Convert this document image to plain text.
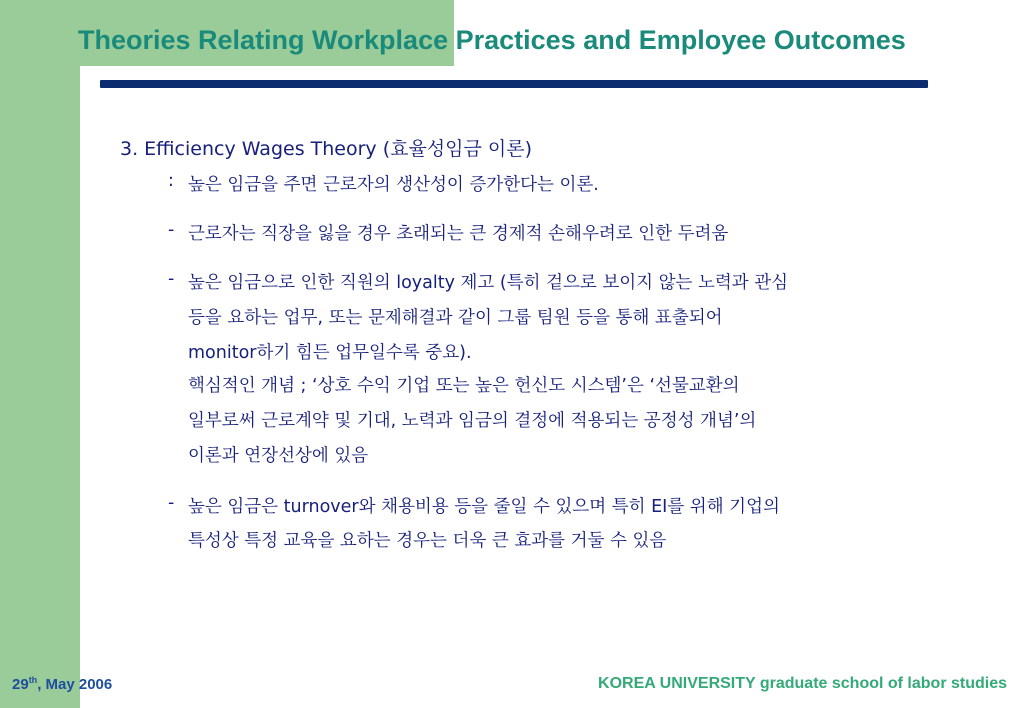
Theories Relating Workplace Practices and Employee Outcomes
3. Efficiency Wages Theory (효율성임금 이론)
: 높은 임금을 주면 근로자의 생산성이 증가한다는 이론.
- 근로자는 직장을 잃을 경우 초래되는 큰 경제적 손해우려로 인한 두려움
- 높은 임금으로 인한 직원의 loyalty 제고 (특히 겉으로 보이지 않는 노력과 관심
등을 요하는 업무, 또는 문제해결과 같이 그룹 팀원 등을 통해 표출되어
monitor하기 힘든 업무일수록 중요).
핵심적인 개념 ; ‘상호 수익 기업 또는 높은 헌신도 시스템’은 ‘선물교환의
일부로써 근로계약 및 기대, 노력과 임금의 결정에 적용되는 공정성 개념’의
이론과 연장선상에 있음
- 높은 임금은 turnover와 채용비용 등을 줄일 수 있으며 특히 EI를 위해 기업의
특성상 특정 교육을 요하는 경우는 더욱 큰 효과를 거둘 수 있음
29th, May 2006	KOREA UNIVERSITY graduate school of labor studies
